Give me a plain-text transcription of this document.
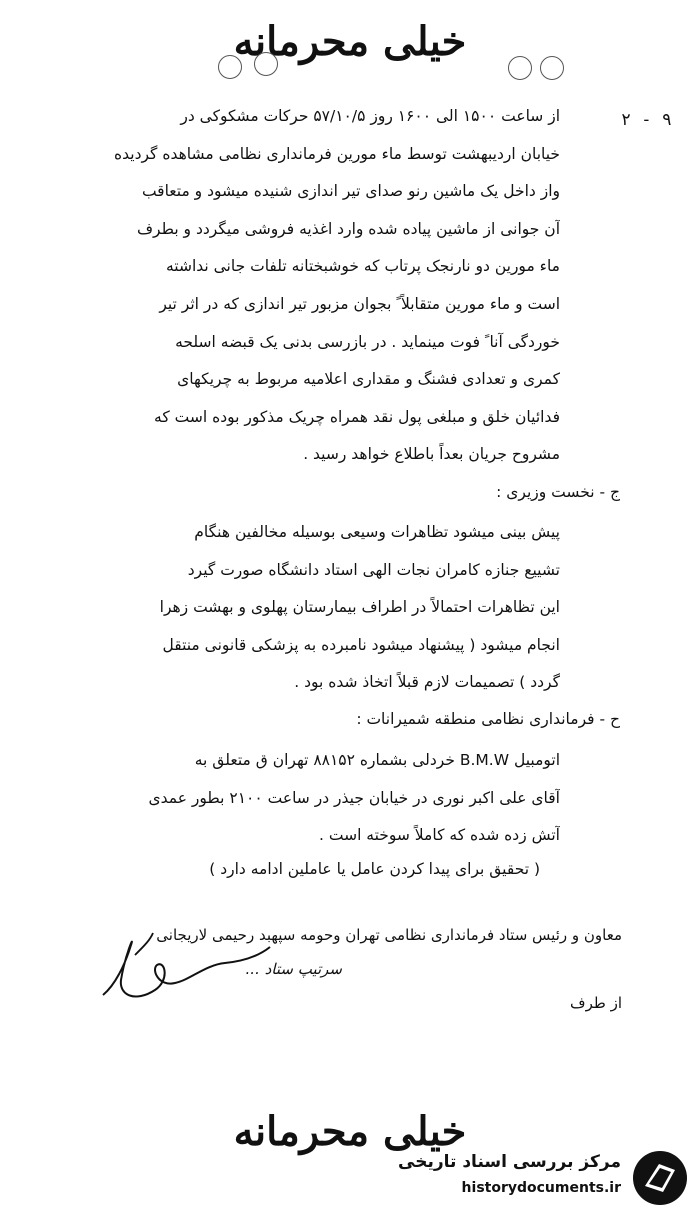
خیلی محرمانه
۲ - ۹
از ساعت ۱۵۰۰ الی ۱۶۰۰ روز ۵۷/۱۰/۵ حرکات مشکوکی در
خیابان اردیبهشت توسط ماء مورین فرمانداری نظامی مشاهده گردیده
واز داخل یک ماشین رنو صدای تیر اندازی شنیده میشود و متعاقب
آن جوانی از ماشین پیاده شده وارد اغذیه فروشی میگردد و بطرف
ماء مورین دو نارنجک پرتاب که خوشبختانه تلفات جانی نداشته
است و ماء مورین متقابلاً ً بجوان مزبور تیر اندازی که در اثر تیر
خوردگی آنا ً فوت مینماید . در بازرسی بدنی یک قبضه اسلحه
کمری و تعدادی فشنگ و مقداری اعلامیه مربوط به چریکهای
فدائیان خلق و مبلغی پول نقد همراه چریک مذکور بوده است که
مشروح جریان بعداً باطلاع خواهد رسید .
ج - نخست وزیری :
پیش بینی میشود تظاهرات وسیعی بوسیله مخالفین هنگام
تشییع جنازه کامران نجات الهی استاد دانشگاه صورت گیرد
این تظاهرات احتمالاً در اطراف بیمارستان پهلوی و بهشت زهرا
انجام میشود ( پیشنهاد میشود نامبرده به پزشکی قانونی منتقل
گردد ) تصمیمات لازم قبلاً اتخاذ شده بود .
ح - فرمانداری نظامی منطقه شمیرانات :
اتومبیل B.M.W خردلی بشماره ۸۸۱۵۲ تهران ق متعلق به
آقای علی اکبر نوری در خیابان جیذر در ساعت ۲۱۰۰ بطور عمدی
آتش زده شده که کاملاً سوخته است .
( تحقیق برای پیدا کردن عامل یا عاملین ادامه دارد )
معاون و رئیس ستاد فرمانداری نظامی تهران وحومه سپهبد رحیمی لاریجانی
سرتیپ ستاد ...
از طرف
خیلی محرمانه
مرکز بررسی اسناد تاریخی
historydocuments.ir
